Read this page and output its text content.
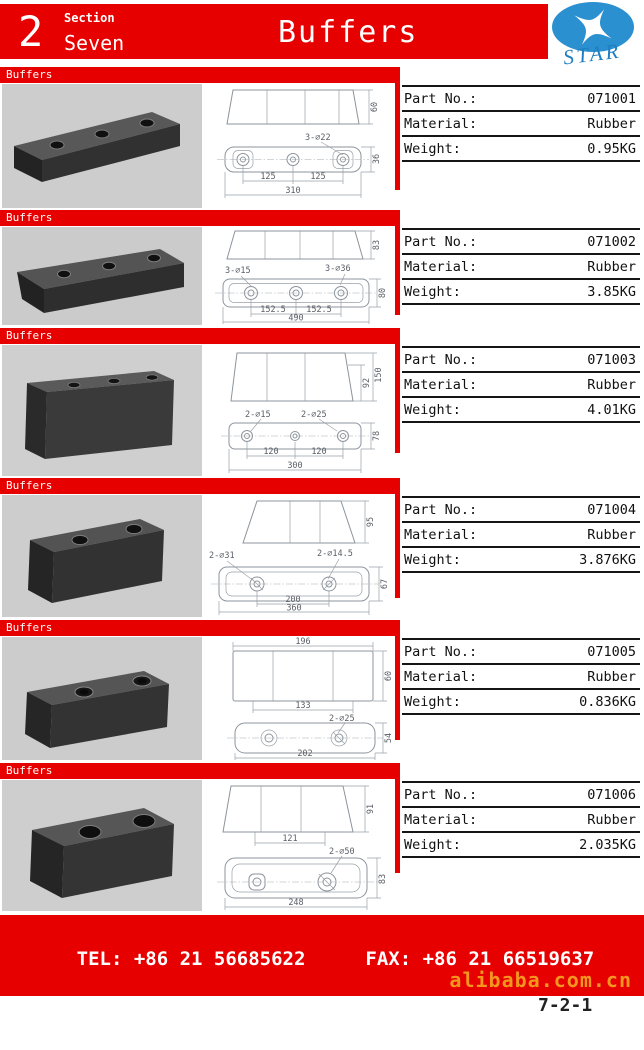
2 Section
Seven	Buffers
STAR
Buffers
60
3-∅22
36
125	125
310
Part No.:	071001
Material:	Rubber
Weight:	0.95KG
Buffers
83
3-∅15	3-∅36
80
152.5 152.5
490
Part No.:	071002
Material:	Rubber
Weight:	3.85KG
Buffers
92
150
2-∅15	2-∅25
78
120	120
300
Part No.:	071003
Material:	Rubber
Weight:	4.01KG
Buffers
95
2-∅31	2-∅14.5
67
200
360
Part No.:	071004
Material:	Rubber
Weight:	3.876KG
Buffers
196
60
133
2-∅25
54
202
Part No.:	071005
Material:	Rubber
Weight:	0.836KG
Buffers
91
121
2-∅50
83
248
Part No.:	071006
Material:	Rubber
Weight:	2.035KG

TEL: +86 21 56685622	FAX: +86 21 66519637

E-mail:truckbodyfittings@gmail.com
WEB:www.truckbodyfittings.com
alibaba.com.cn
7-2-1
